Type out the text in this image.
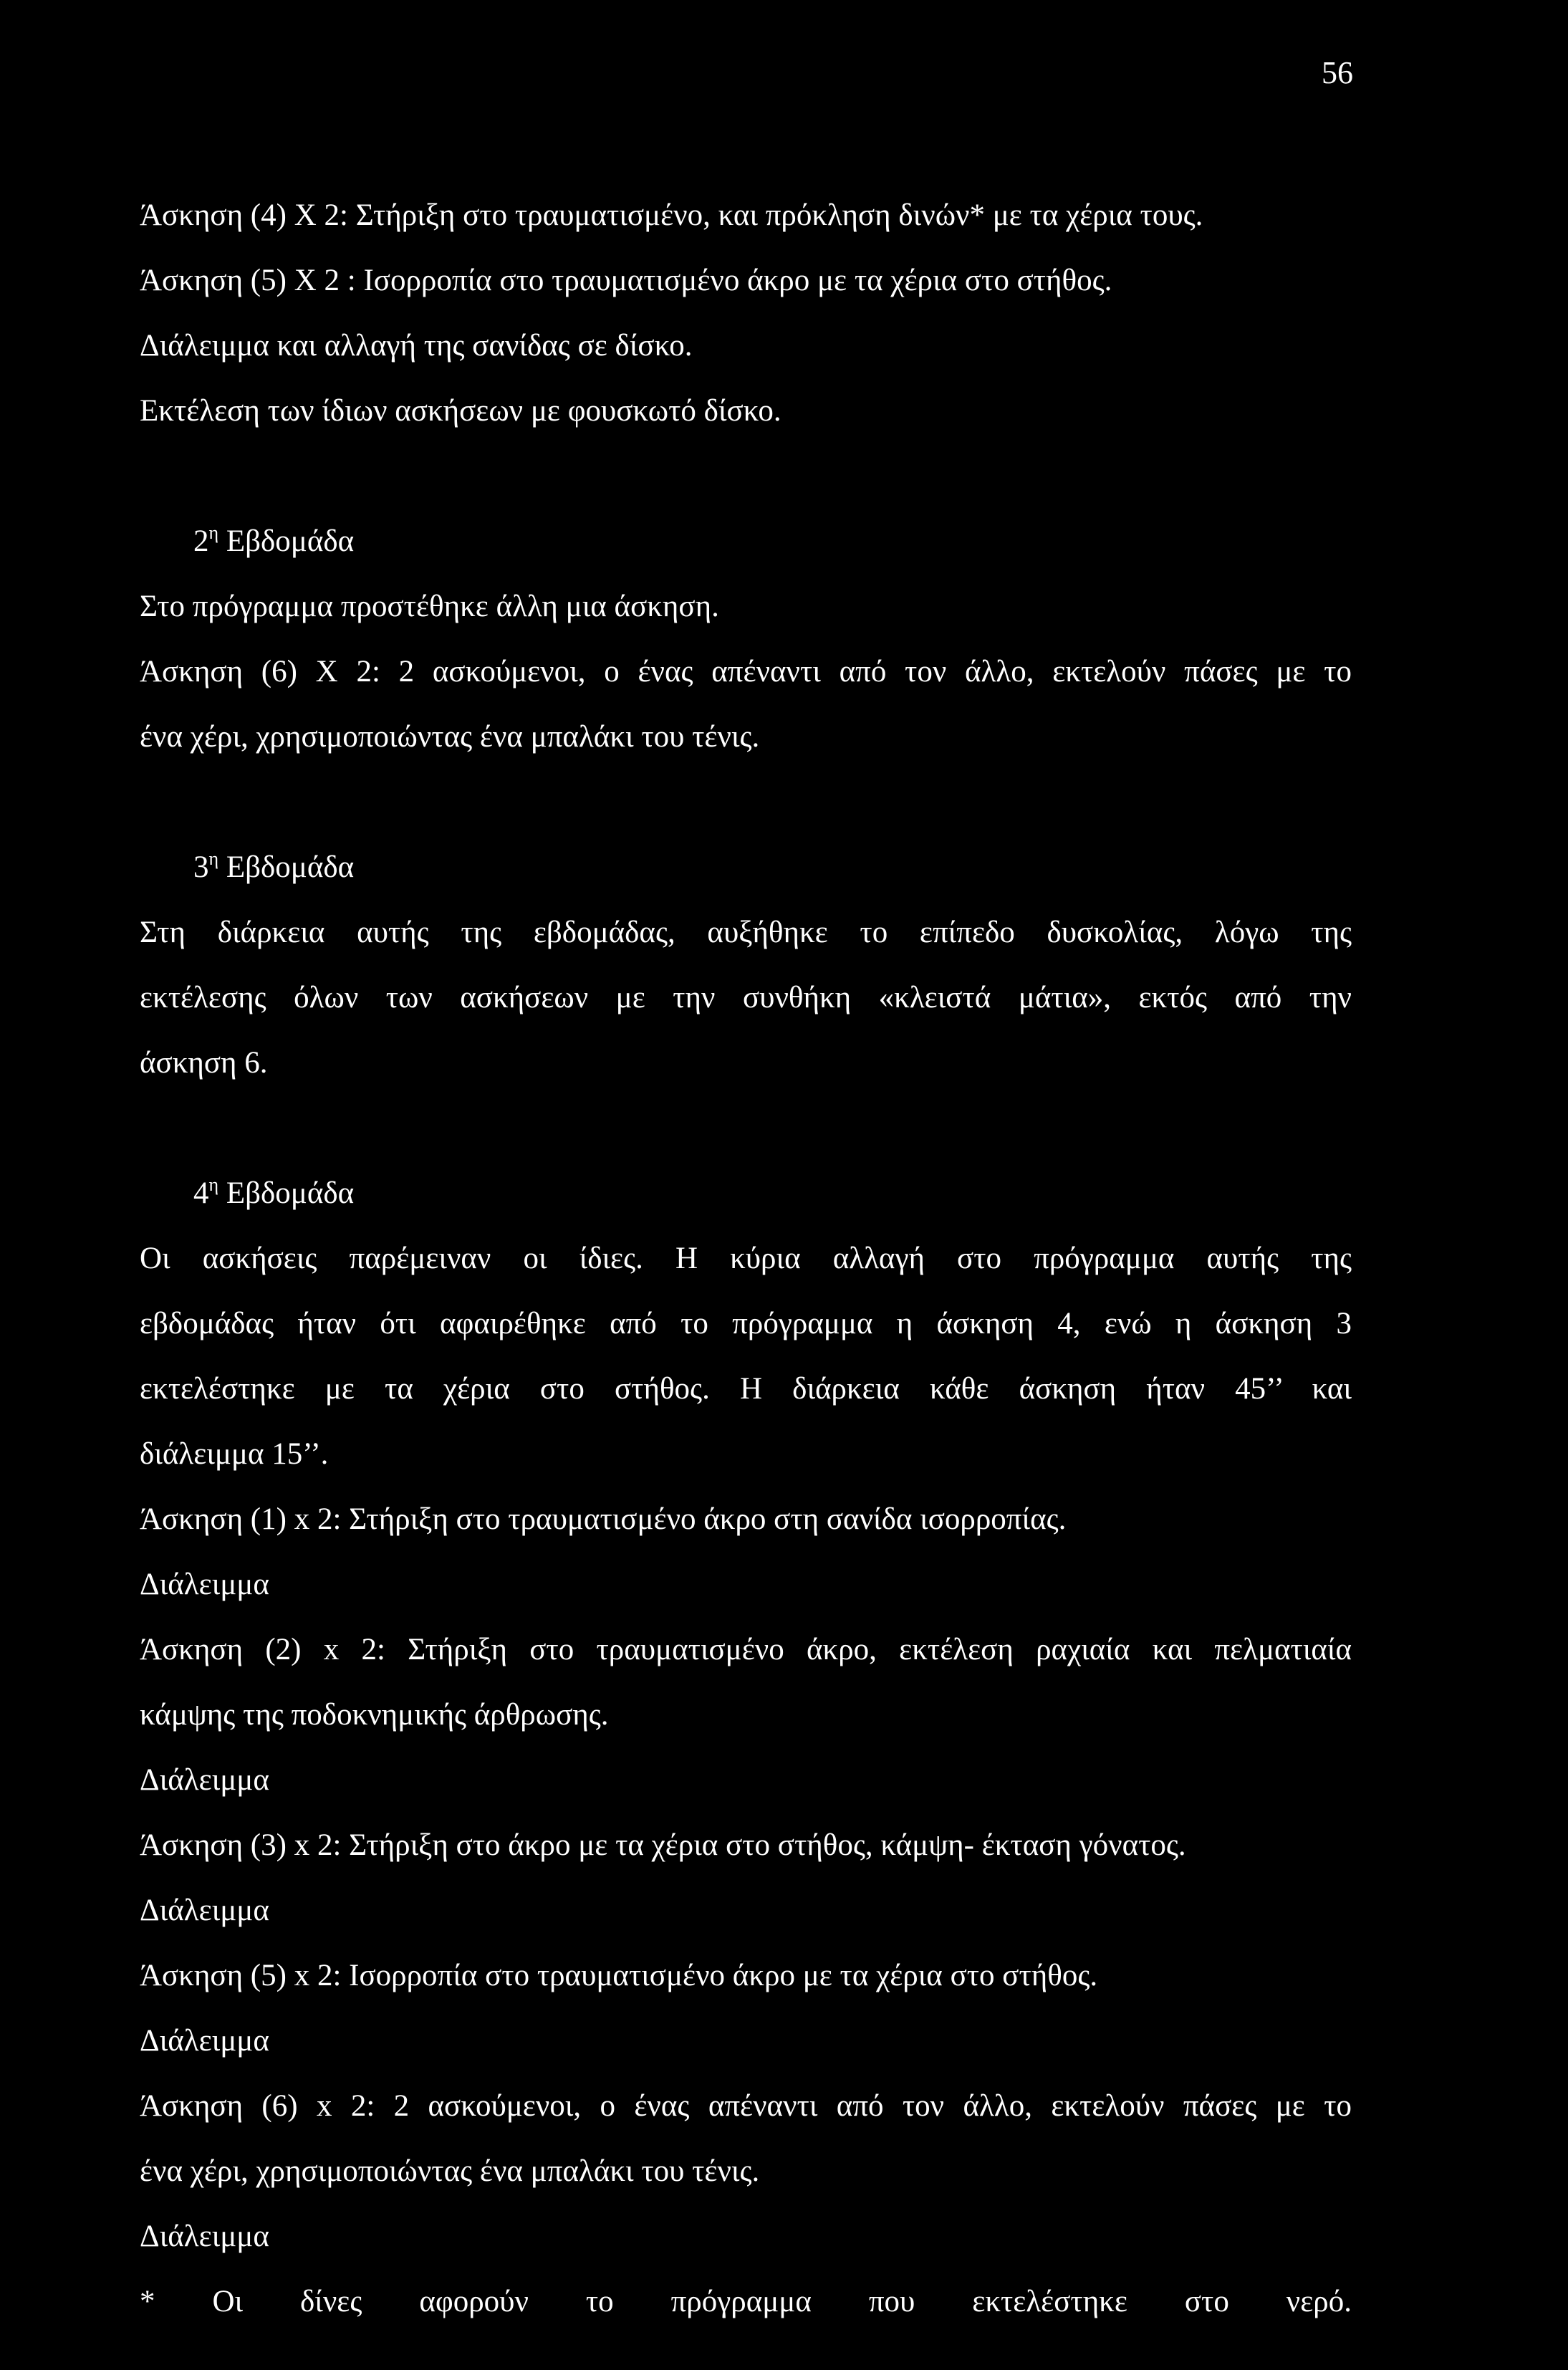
56

Άσκηση (4) Χ 2: Στήριξη στο τραυματισμένο, και πρόκληση δινών* με τα χέρια τους.

Άσκηση (5) Χ 2 : Ισορροπία στο τραυματισμένο άκρο με τα χέρια στο στήθος.

Διάλειμμα και αλλαγή της σανίδας σε δίσκο.

Εκτέλεση των ίδιων ασκήσεων με φουσκωτό δίσκο.

$2^\eta$ Εβδομάδα

Στο πρόγραμμα προστέθηκε άλλη μια άσκηση.

Άσκηση (6) Χ 2: 2 ασκούμενοι, ο ένας απέναντι από τον άλλο, εκτελούν πάσες με το

ένα χέρι, χρησιμοποιώντας ένα μπαλάκι του τένις.

$3^\eta$ Εβδομάδα

Στη διάρκεια αυτής της εβδομάδας, αυξήθηκε το επίπεδο δυσκολίας, λόγω της

εκτέλεσης όλων των ασκήσεων με την συνθήκη «κλειστά μάτια», εκτός από την

άσκηση 6.

$4^\eta$ Εβδομάδα

Οι ασκήσεις παρέμειναν οι ίδιες. Η κύρια αλλαγή στο πρόγραμμα αυτής της

εβδομάδας ήταν ότι αφαιρέθηκε από το πρόγραμμα η άσκηση 4, ενώ η άσκηση 3

εκτελέστηκε με τα χέρια στο στήθος. Η διάρκεια κάθε άσκηση ήταν 45’’ και

διάλειμμα 15’’.

Άσκηση (1) x 2: Στήριξη στο τραυματισμένο άκρο στη σανίδα ισορροπίας.

Διάλειμμα

Άσκηση (2) x 2: Στήριξη στο τραυματισμένο άκρο, εκτέλεση ραχιαία και πελματιαία

κάμψης της ποδοκνημικής άρθρωσης.

Διάλειμμα

Άσκηση (3) x 2: Στήριξη στο άκρο με τα χέρια στο στήθος, κάμψη- έκταση γόνατος.

Διάλειμμα

Άσκηση (5) x 2: Ισορροπία στο τραυματισμένο άκρο με τα χέρια στο στήθος.

Διάλειμμα

Άσκηση (6) x 2: 2 ασκούμενοι, ο ένας απέναντι από τον άλλο, εκτελούν πάσες με το

ένα χέρι, χρησιμοποιώντας ένα μπαλάκι του τένις.

Διάλειμμα

* Οι δίνες αφορούν το πρόγραμμα που εκτελέστηκε στο νερό.
